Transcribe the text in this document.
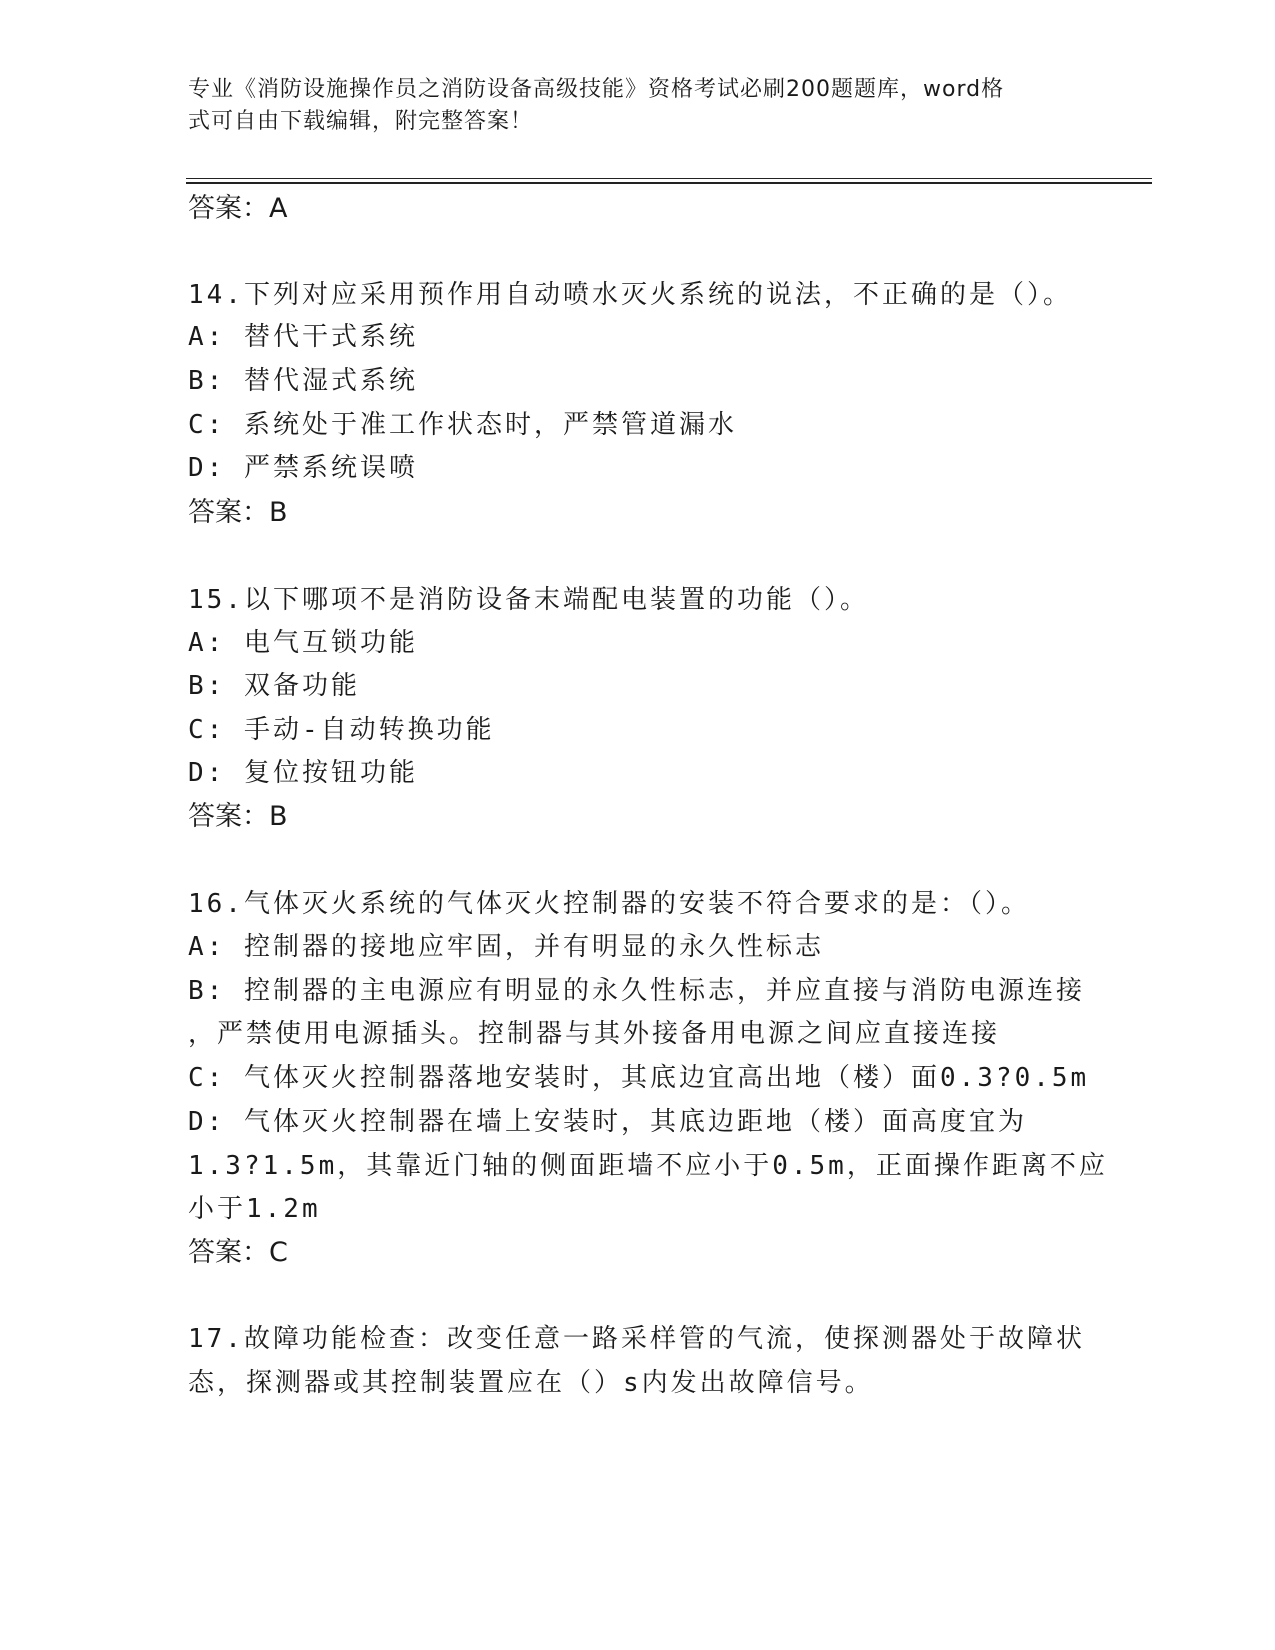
专业《消防设施操作员之消防设备高级技能》资格考试必刷200题题库，word格
式可自由下载编辑，附完整答案！
答案：A
14.下列对应采用预作用自动喷水灭火系统的说法，不正确的是（）。
A: 替代干式系统
B: 替代湿式系统
C: 系统处于准工作状态时，严禁管道漏水
D: 严禁系统误喷
答案：B
15.以下哪项不是消防设备末端配电装置的功能（）。
A: 电气互锁功能
B: 双备功能
C: 手动-自动转换功能
D: 复位按钮功能
答案：B
16.气体灭火系统的气体灭火控制器的安装不符合要求的是：（）。
A: 控制器的接地应牢固，并有明显的永久性标志
B: 控制器的主电源应有明显的永久性标志，并应直接与消防电源连接
，严禁使用电源插头。控制器与其外接备用电源之间应直接连接
C: 气体灭火控制器落地安装时，其底边宜高出地（楼）面0.3?0.5m
D: 气体灭火控制器在墙上安装时，其底边距地（楼）面高度宜为
1.3?1.5m，其靠近门轴的侧面距墙不应小于0.5m，正面操作距离不应
小于1.2m
答案：C
17.故障功能检查：改变任意一路采样管的气流，使探测器处于故障状
态，探测器或其控制装置应在（）s内发出故障信号。
